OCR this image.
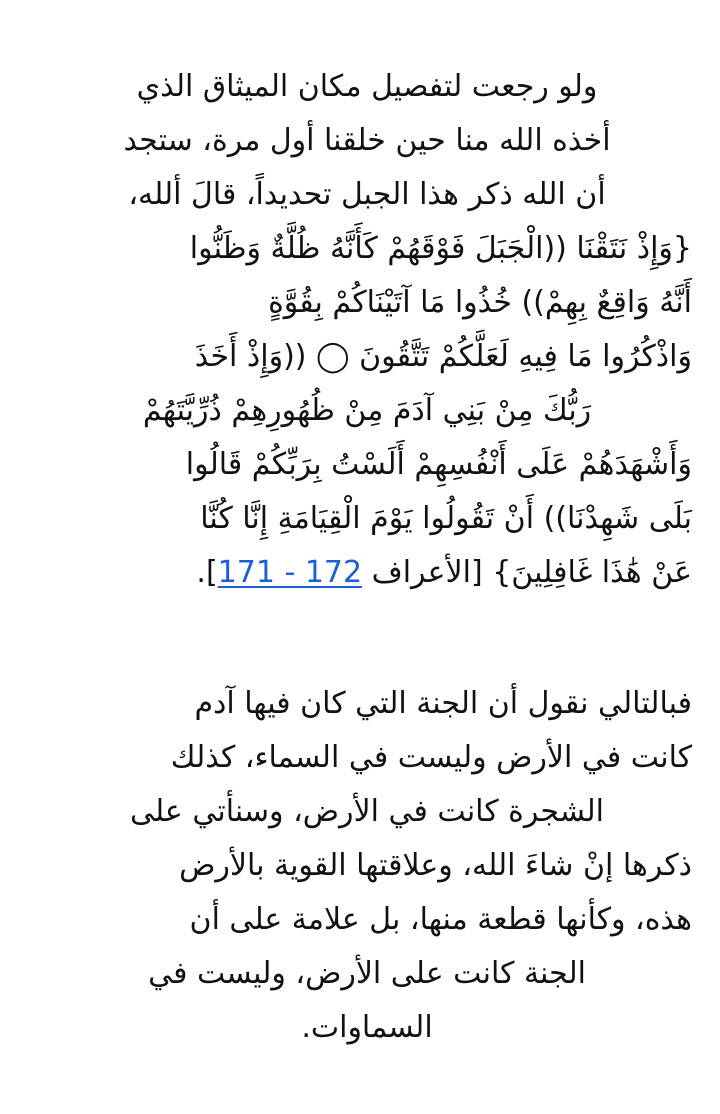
ولو رجعت لتفصيل مكان الميثاق الذي
أخذه الله منا حين خلقنا أول مرة، ستجد
أن الله ذكر هذا الجبل تحديداً، قالَ ألله،
{وَإِذْ نَتَقْنَا ((الْجَبَلَ فَوْقَهُمْ كَأَنَّهُ ظُلَّةٌ وَظَنُّوا
أَنَّهُ وَاقِعٌ بِهِمْ)) خُذُوا مَا آتَيْنَاكُمْ بِقُوَّةٍ
وَاذْكُرُوا مَا فِيهِ لَعَلَّكُمْ تَتَّقُونَ ◯ ((وَإِذْ أَخَذَ
رَبُّكَ مِنْ بَنِي آدَمَ مِنْ ظُهُورِهِمْ ذُرِّيَّتَهُمْ
وَأَشْهَدَهُمْ عَلَى أَنْفُسِهِمْ أَلَسْتُ بِرَبِّكُمْ قَالُوا
بَلَى شَهِدْنَا)) أَنْ تَقُولُوا يَوْمَ الْقِيَامَةِ إِنَّا كُنَّا
عَنْ هَٰذَا غَافِلِينَ} [الأعراف 171 - 172].
فبالتالي نقول أن الجنة التي كان فيها آدم
كانت في الأرض وليست في السماء، كذلك
الشجرة كانت في الأرض، وسنأتي على
ذكرها إنْ شاءَ الله، وعلاقتها القوية بالأرض
هذه، وكأنها قطعة منها، بل علامة على أن
الجنة كانت على الأرض، وليست في
السماوات.
